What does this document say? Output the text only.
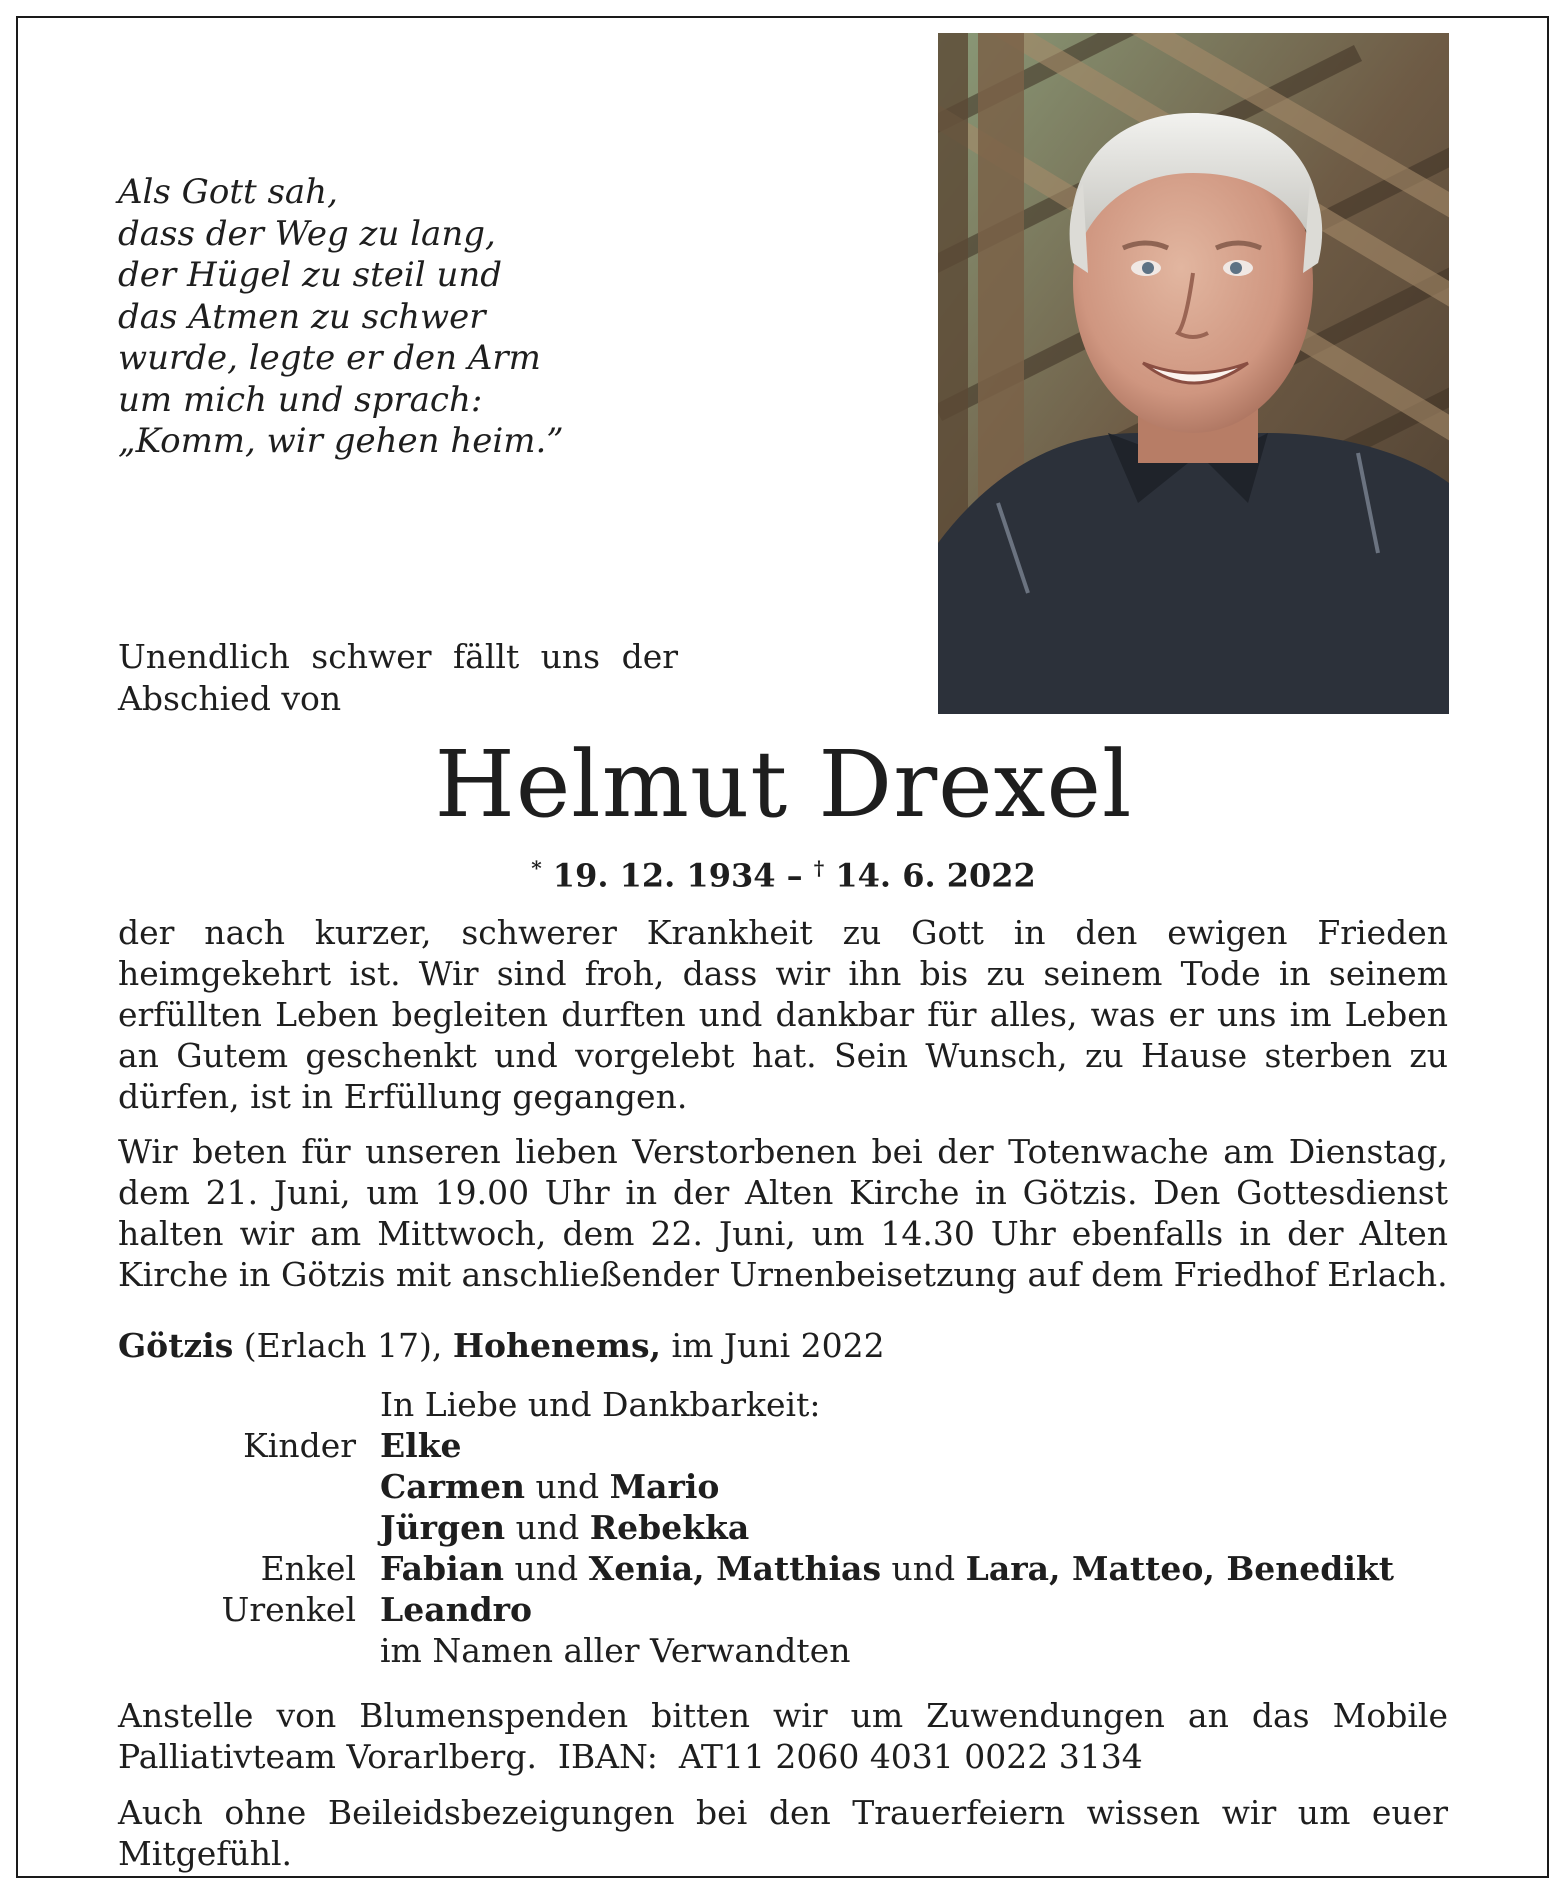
Als Gott sah,
dass der Weg zu lang,
der Hügel zu steil und
das Atmen zu schwer
wurde, legte er den Arm
um mich und sprach:
„Komm, wir gehen heim.”
Unendlich schwer fällt uns der
Abschied von
Helmut Drexel
* 19. 12. 1934 – † 14. 6. 2022
der nach kurzer, schwerer Krankheit zu Gott in den ewigen Frieden heimgekehrt ist. Wir sind froh, dass wir ihn bis zu seinem Tode in seinem erfüllten Leben begleiten durften und dankbar für alles, was er uns im Leben an Gutem geschenkt und vorgelebt hat. Sein Wunsch, zu Hause sterben zu dürfen, ist in Erfüllung gegangen.
Wir beten für unseren lieben Verstorbenen bei der Totenwache am Dienstag, dem 21. Juni, um 19.00 Uhr in der Alten Kirche in Götzis. Den Gottesdienst halten wir am Mittwoch, dem 22. Juni, um 14.30 Uhr ebenfalls in der Alten Kirche in Götzis mit anschließender Urnenbeisetzung auf dem Friedhof Erlach.
Götzis (Erlach 17), Hohenems, im Juni 2022
In Liebe und Dankbarkeit:
Kinder Elke
Carmen und Mario
Jürgen und Rebekka
Enkel Fabian und Xenia, Matthias und Lara, Matteo, Benedikt
Urenkel Leandro
im Namen aller Verwandten
Anstelle von Blumenspenden bitten wir um Zuwendungen an das Mobile
Palliativteam Vorarlberg.  IBAN:  AT11 2060 4031 0022 3134
Auch ohne Beileidsbezeigungen bei den Trauerfeiern wissen wir um euer
Mitgefühl.
